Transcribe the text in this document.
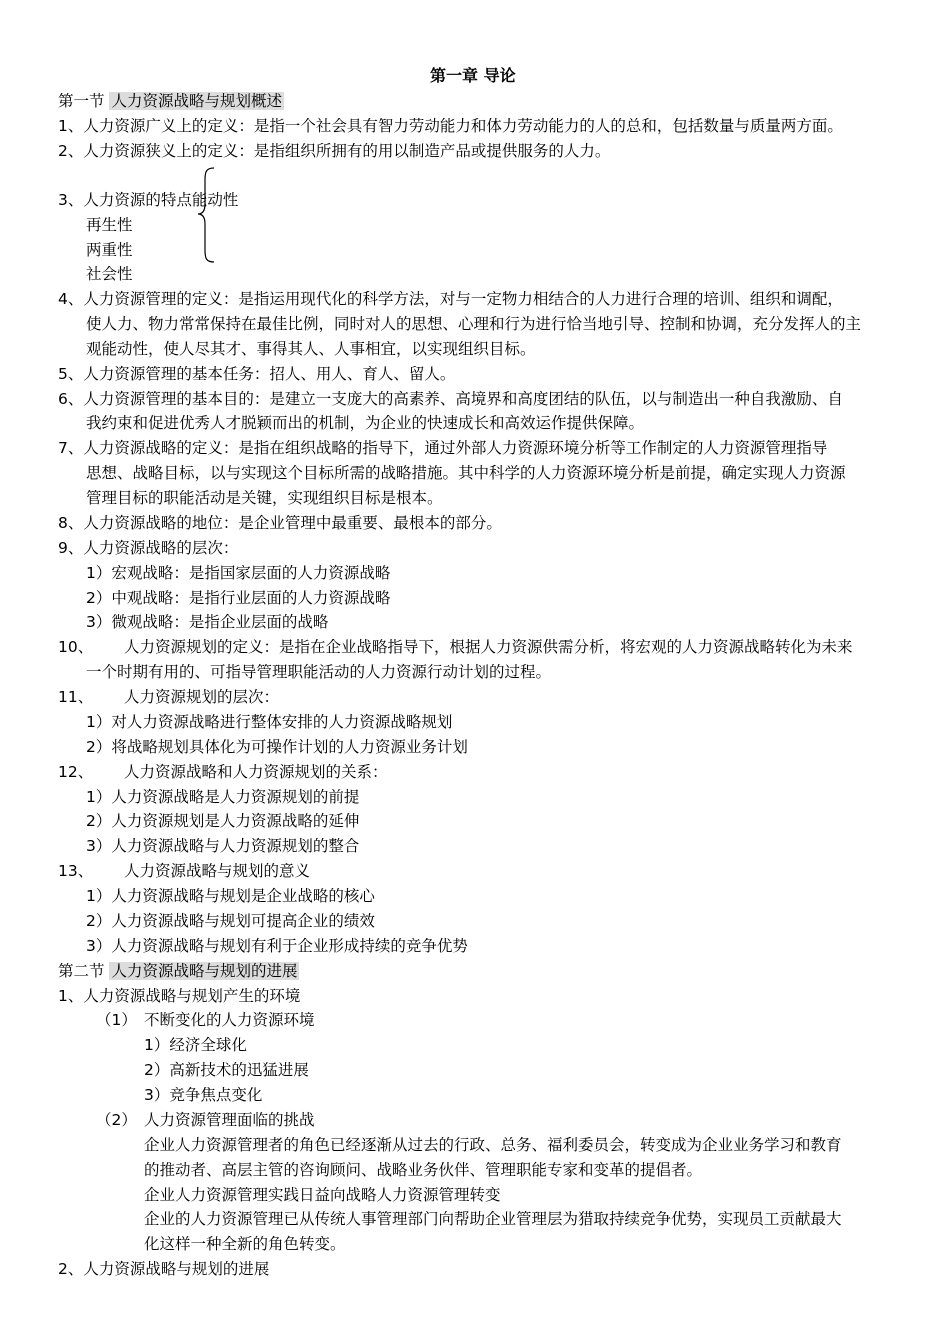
第一章 导论
第一节 人力资源战略与规划概述
1、人力资源广义上的定义：是指一个社会具有智力劳动能力和体力劳动能力的人的总和，包括数量与质量两方面。
2、人力资源狭义上的定义：是指组织所拥有的用以制造产品或提供服务的人力。
3、人力资源的特点能动性
再生性
两重性
社会性
4、人力资源管理的定义：是指运用现代化的科学方法，对与一定物力相结合的人力进行合理的培训、组织和调配，
使人力、物力常常保持在最佳比例，同时对人的思想、心理和行为进行恰当地引导、控制和协调，充分发挥人的主
观能动性，使人尽其才、事得其人、人事相宜，以实现组织目标。
5、人力资源管理的基本任务：招人、用人、育人、留人。
6、人力资源管理的基本目的：是建立一支庞大的高素养、高境界和高度团结的队伍，以与制造出一种自我激励、自
我约束和促进优秀人才脱颖而出的机制，为企业的快速成长和高效运作提供保障。
7、人力资源战略的定义：是指在组织战略的指导下，通过外部人力资源环境分析等工作制定的人力资源管理指导
思想、战略目标，以与实现这个目标所需的战略措施。其中科学的人力资源环境分析是前提，确定实现人力资源
管理目标的职能活动是关键，实现组织目标是根本。
8、人力资源战略的地位：是企业管理中最重要、最根本的部分。
9、人力资源战略的层次：
1）宏观战略：是指国家层面的人力资源战略
2）中观战略：是指行业层面的人力资源战略
3）微观战略：是指企业层面的战略
10、 人力资源规划的定义：是指在企业战略指导下，根据人力资源供需分析，将宏观的人力资源战略转化为未来
一个时期有用的、可指导管理职能活动的人力资源行动计划的过程。
11、 人力资源规划的层次：
1）对人力资源战略进行整体安排的人力资源战略规划
2）将战略规划具体化为可操作计划的人力资源业务计划
12、 人力资源战略和人力资源规划的关系：
1）人力资源战略是人力资源规划的前提
2）人力资源规划是人力资源战略的延伸
3）人力资源战略与人力资源规划的整合
13、 人力资源战略与规划的意义
1）人力资源战略与规划是企业战略的核心
2）人力资源战略与规划可提高企业的绩效
3）人力资源战略与规划有利于企业形成持续的竞争优势
第二节 人力资源战略与规划的进展
1、人力资源战略与规划产生的环境
（1） 不断变化的人力资源环境
1）经济全球化
2）高新技术的迅猛进展
3）竞争焦点变化
（2） 人力资源管理面临的挑战
企业人力资源管理者的角色已经逐渐从过去的行政、总务、福利委员会，转变成为企业业务学习和教育
的推动者、高层主管的咨询顾问、战略业务伙伴、管理职能专家和变革的提倡者。
企业人力资源管理实践日益向战略人力资源管理转变
企业的人力资源管理已从传统人事管理部门向帮助企业管理层为猎取持续竞争优势，实现员工贡献最大
化这样一种全新的角色转变。
2、人力资源战略与规划的进展
